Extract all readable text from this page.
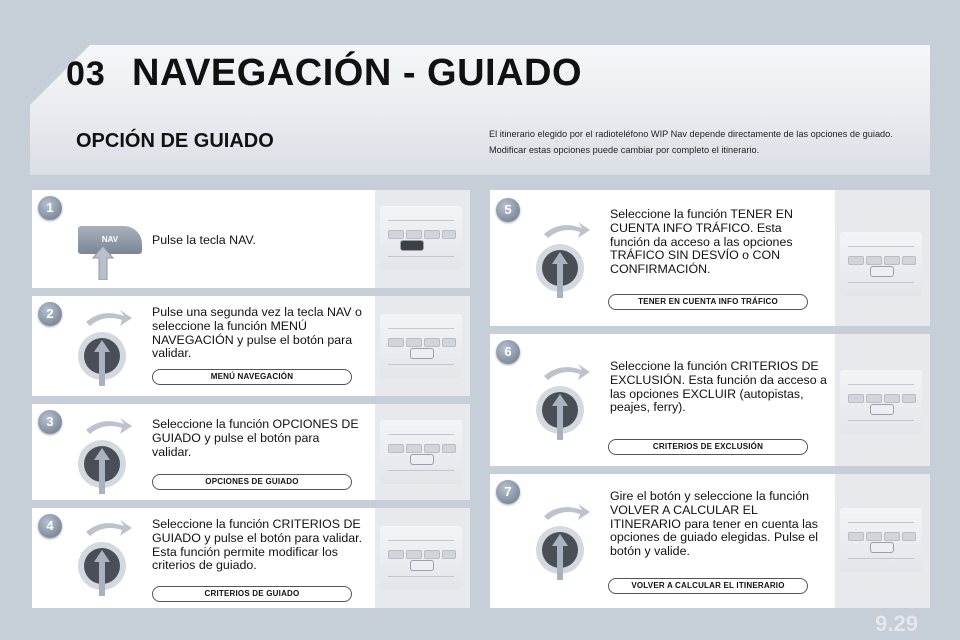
03 NAVEGACIÓN - GUIADO
OPCIÓN DE GUIADO	El itinerario elegido por el radioteléfono WIP Nav depende directamente de las opciones de guiado. Modificar estas opciones puede cambiar por completo el itinerario.
1
NAV	Pulse la tecla NAV.
2	Pulse una segunda vez la tecla NAV o seleccione la función MENÚ NAVEGACIÓN y pulse el botón para validar.
MENÚ NAVEGACIÓN
3	Seleccione la función OPCIONES DE GUIADO y pulse el botón para validar.
OPCIONES DE GUIADO
4	Seleccione la función CRITERIOS DE GUIADO y pulse el botón para validar. Esta función permite modificar los criterios de guiado.
CRITERIOS DE GUIADO
5	Seleccione la función TENER EN CUENTA INFO TRÁFICO. Esta función da acceso a las opciones TRÁFICO SIN DESVÍO o CON CONFIRMACIÓN.
TENER EN CUENTA INFO TRÁFICO
6
Seleccione la función CRITERIOS DE EXCLUSIÓN. Esta función da acceso a las opciones EXCLUIR (autopistas, peajes, ferry).
CRITERIOS DE EXCLUSIÓN
7	Gire el botón y seleccione la función VOLVER A CALCULAR EL ITINERARIO para tener en cuenta las opciones de guiado elegidas. Pulse el botón y valide.
VOLVER A CALCULAR EL ITINERARIO
9.29
